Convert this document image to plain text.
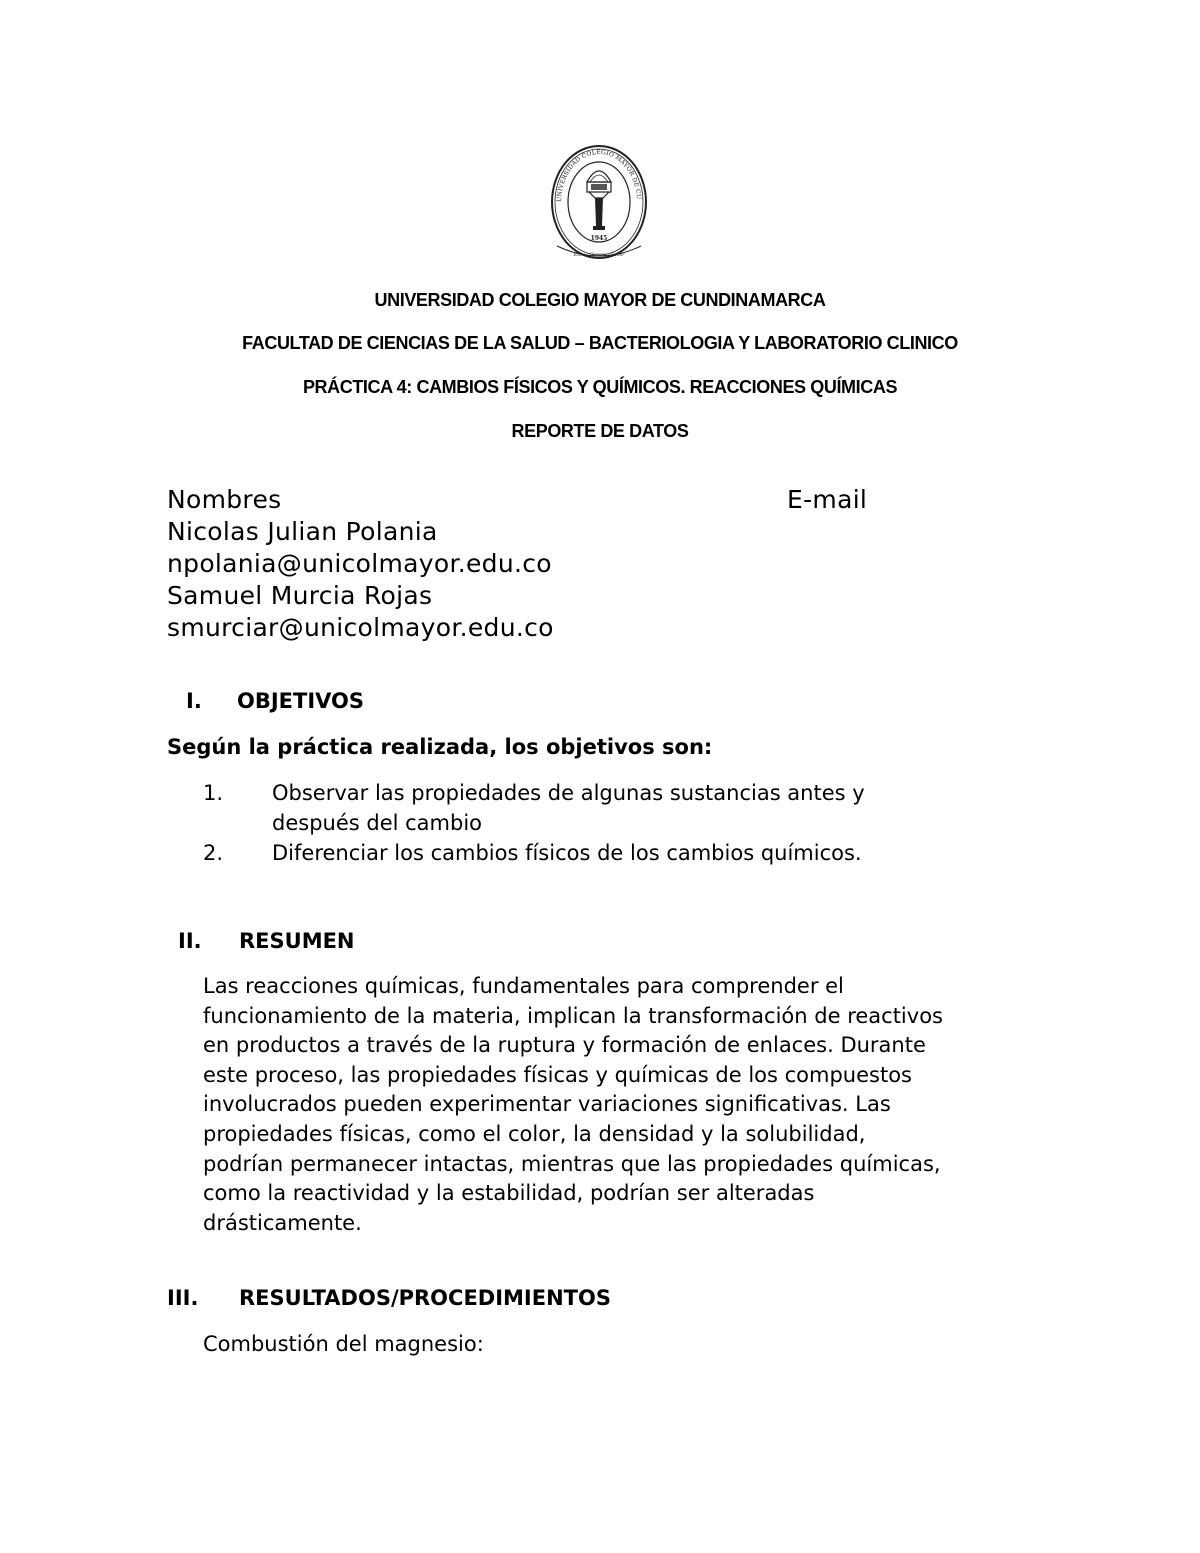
UNIVERSIDAD COLEGIO MAYOR DE CU
1945
Etica · Ciencia · Saber
UNIVERSIDAD COLEGIO MAYOR DE CUNDINAMARCA
FACULTAD DE CIENCIAS DE LA SALUD – BACTERIOLOGIA Y LABORATORIO CLINICO
PRÁCTICA 4: CAMBIOS FÍSICOS Y QUÍMICOS. REACCIONES QUÍMICAS
REPORTE DE DATOS
Nombres	E-mail
Nicolas Julian Polania
npolania@unicolmayor.edu.co
Samuel Murcia Rojas
smurciar@unicolmayor.edu.co
I. OBJETIVOS
Según la práctica realizada, los objetivos son:
1. Observar las propiedades de algunas sustancias antes y

después del cambio

2. Diferenciar los cambios físicos de los cambios químicos.
II. RESUMEN

Las reacciones químicas, fundamentales para comprender el

funcionamiento de la materia, implican la transformación de reactivos

en productos a través de la ruptura y formación de enlaces. Durante

este proceso, las propiedades físicas y químicas de los compuestos

involucrados pueden experimentar variaciones significativas. Las

propiedades físicas, como el color, la densidad y la solubilidad,

podrían permanecer intactas, mientras que las propiedades químicas,

como la reactividad y la estabilidad, podrían ser alteradas

drásticamente.

III. RESULTADOS/PROCEDIMIENTOS
Combustión del magnesio:
